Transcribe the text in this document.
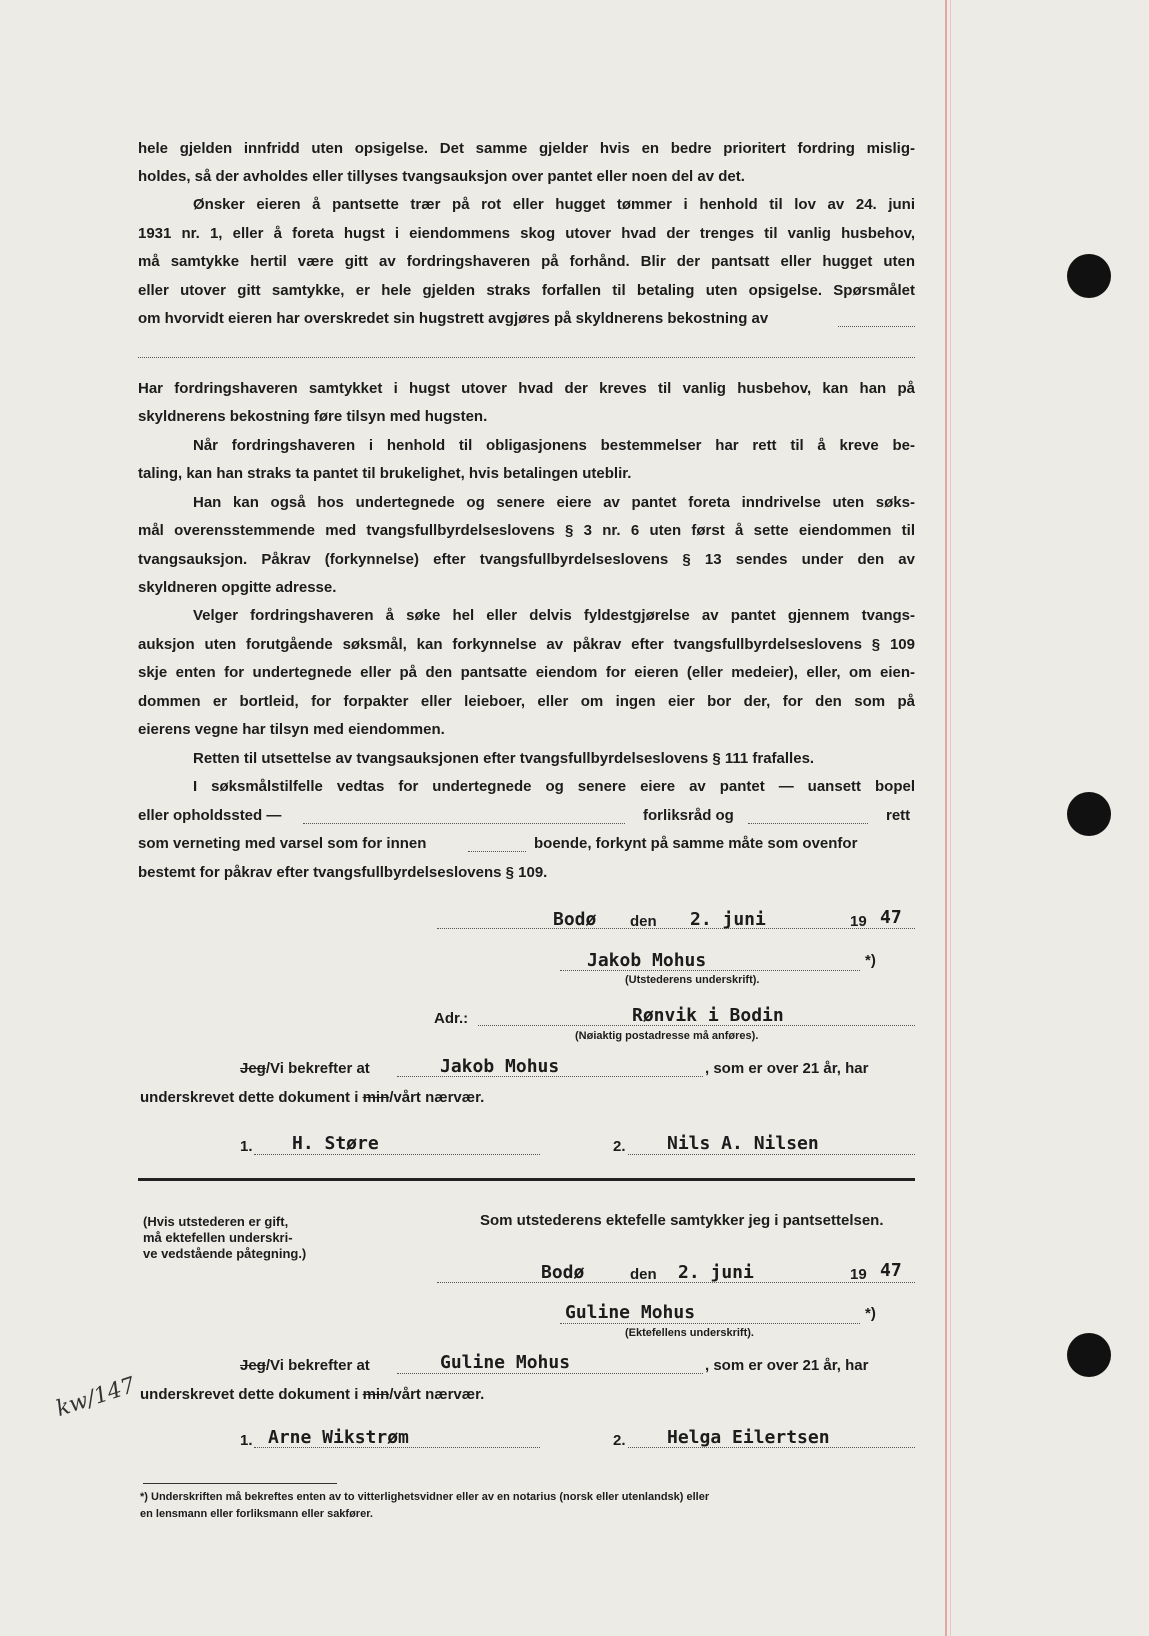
hele gjelden innfridd uten opsigelse. Det samme gjelder hvis en bedre prioritert fordring mislig-
holdes, så der avholdes eller tillyses tvangsauksjon over pantet eller noen del av det.
Ønsker eieren å pantsette trær på rot eller hugget tømmer i henhold til lov av 24. juni
1931 nr. 1, eller å foreta hugst i eiendommens skog utover hvad der trenges til vanlig husbehov,
må samtykke hertil være gitt av fordringshaveren på forhånd. Blir der pantsatt eller hugget uten
eller utover gitt samtykke, er hele gjelden straks forfallen til betaling uten opsigelse. Spørsmålet
om hvorvidt eieren har overskredet sin hugstrett avgjøres på skyldnerens bekostning av
Har fordringshaveren samtykket i hugst utover hvad der kreves til vanlig husbehov, kan han på
skyldnerens bekostning føre tilsyn med hugsten.
Når fordringshaveren i henhold til obligasjonens bestemmelser har rett til å kreve be-
taling, kan han straks ta pantet til brukelighet, hvis betalingen uteblir.
Han kan også hos undertegnede og senere eiere av pantet foreta inndrivelse uten søks-
mål overensstemmende med tvangsfullbyrdelseslovens § 3 nr. 6 uten først å sette eiendommen til
tvangsauksjon. Påkrav (forkynnelse) efter tvangsfullbyrdelseslovens § 13 sendes under den av
skyldneren opgitte adresse.
Velger fordringshaveren å søke hel eller delvis fyldestgjørelse av pantet gjennem tvangs-
auksjon uten forutgående søksmål, kan forkynnelse av påkrav efter tvangsfullbyrdelseslovens § 109
skje enten for undertegnede eller på den pantsatte eiendom for eieren (eller medeier), eller, om eien-
dommen er bortleid, for forpakter eller leieboer, eller om ingen eier bor der, for den som på
eierens vegne har tilsyn med eiendommen.
Retten til utsettelse av tvangsauksjonen efter tvangsfullbyrdelseslovens § 111 frafalles.
I søksmålstilfelle vedtas for undertegnede og senere eiere av pantet — uansett bopel
eller opholdssted —	forliksråd og	rett
som verneting med varsel som for innen	boende, forkynt på samme måte som ovenfor
bestemt for påkrav efter tvangsfullbyrdelseslovens § 109.
Bodø den 2. juni	19 47
Jakob Mohus	*)
(Utstederens underskrift).
Adr.:	Rønvik i Bodin
(Nøiaktig postadresse må anføres).
Jeg/Vi bekrefter at	Jakob Mohus	, som er over 21 år, har
underskrevet dette dokument i min/vårt nærvær.
1. H. Støre	2. Nils A. Nilsen
(Hvis utstederen er gift,
må ektefellen underskri-
ve vedstående påtegning.)
Som utstederens ektefelle samtykker jeg i pantsettelsen.
Bodø	den 2. juni	19 47
Guline Mohus	*)
(Ektefellens underskrift).
Jeg/Vi bekrefter at	Guline Mohus	, som er over 21 år, har
underskrevet dette dokument i min/vårt nærvær.
1. Arne Wikstrøm	2. Helga Eilertsen
kw/147
*) Underskriften må bekreftes enten av to vitterlighetsvidner eller av en notarius (norsk eller utenlandsk) eller
en lensmann eller forliksmann eller sakfører.
